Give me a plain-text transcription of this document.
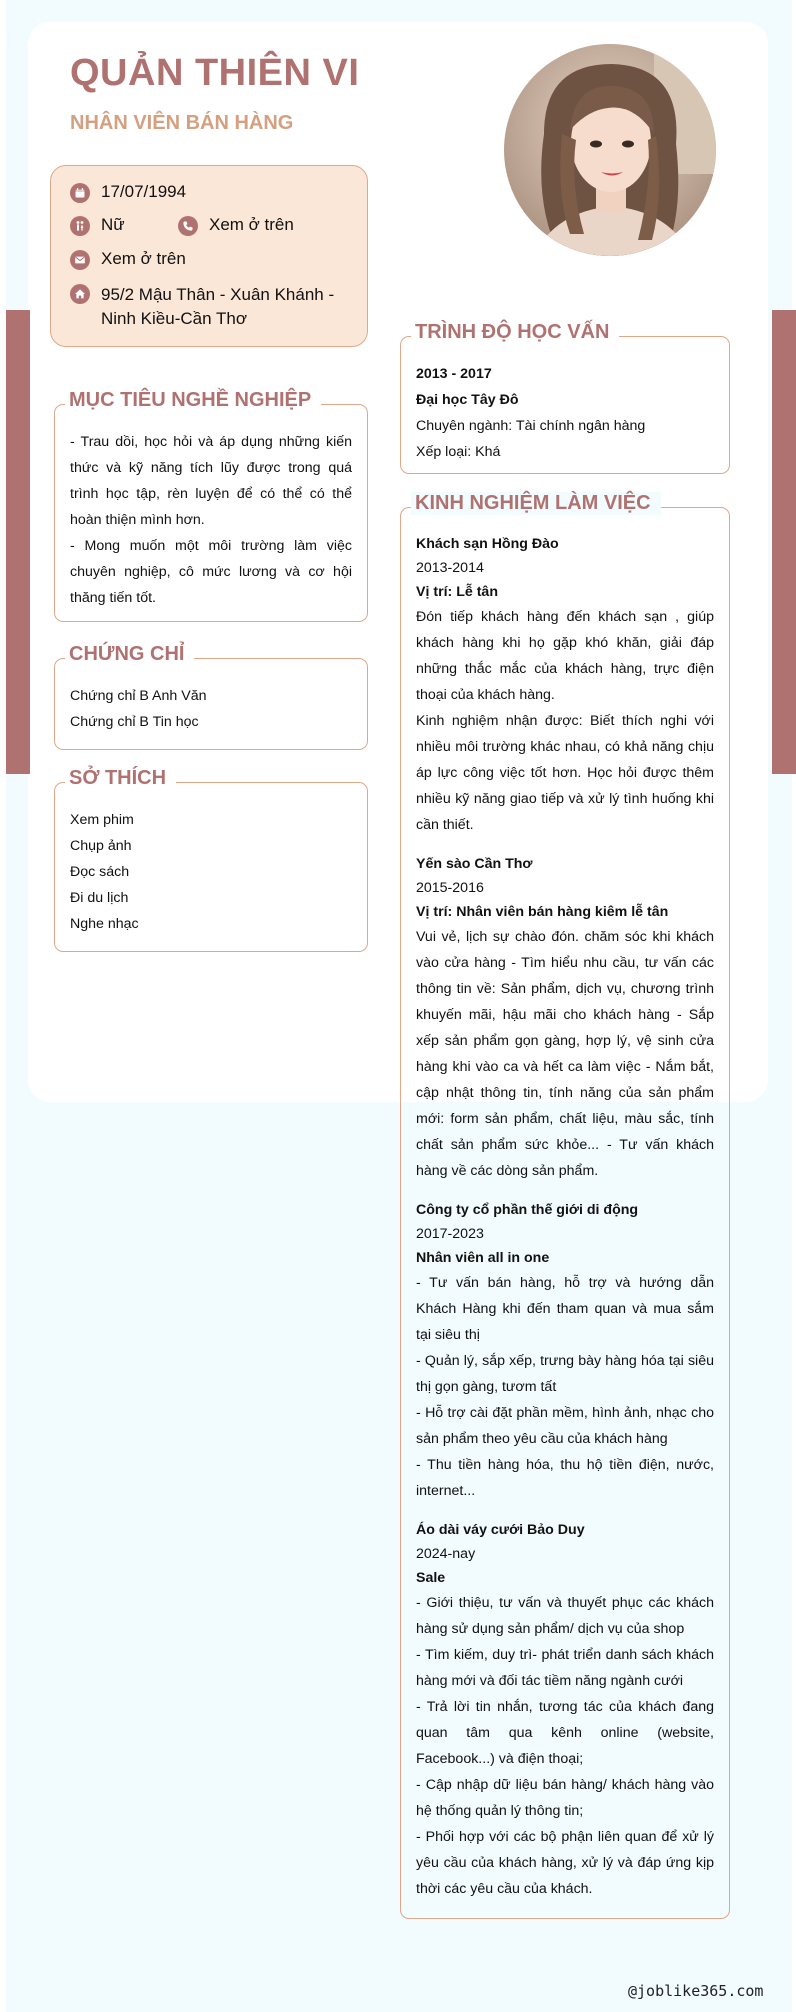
QUẢN THIÊN VI
NHÂN VIÊN BÁN HÀNG
17/07/1994
Nữ	Xem ở trên
Xem ở trên
95/2 Mậu Thân - Xuân Khánh - Ninh Kiều-Cần Thơ
MỤC TIÊU NGHỀ NGHIỆP

- Trau dồi, học hỏi và áp dụng những kiến thức và kỹ năng tích lũy được trong quá trình học tập, rèn luyện để có thể có thể hoàn thiện mình hơn.

- Mong muốn một môi trường làm việc chuyên nghiệp, cô mức lương và cơ hội thăng tiến tốt.

CHỨNG CHỈ

Chứng chỉ B Anh Văn

Chứng chỉ B Tin học

SỞ THÍCH

Xem phim

Chụp ảnh

Đọc sách

Đi du lịch

Nghe nhạc

TRÌNH ĐỘ HỌC VẤN

2013 - 2017

Đại học Tây Đô

Chuyên ngành: Tài chính ngân hàng

Xếp loại: Khá

KINH NGHIỆM LÀM VIỆC

Khách sạn Hồng Đào

2013-2014

Vị trí: Lễ tân

Đón tiếp khách hàng đến khách sạn , giúp khách hàng khi họ gặp khó khăn, giải đáp những thắc mắc của khách hàng, trực điện thoại của khách hàng.

Kinh nghiệm nhận được: Biết thích nghi với nhiều môi trường khác nhau, có khả năng chịu áp lực công việc tốt hơn. Học hỏi được thêm nhiều kỹ năng giao tiếp và xử lý tình huống khi cần thiết.

Yến sào Cần Thơ

2015-2016

Vị trí: Nhân viên bán hàng kiêm lễ tân

Vui vẻ, lịch sự chào đón. chăm sóc khi khách vào cửa hàng - Tìm hiểu nhu cầu, tư vấn các thông tin về: Sản phẩm, dịch vụ, chương trình khuyến mãi, hậu mãi cho khách hàng - Sắp xếp sản phẩm gọn gàng, hợp lý, vệ sinh cửa hàng khi vào ca và hết ca làm việc - Nắm bắt, cập nhật thông tin, tính năng của sản phẩm mới: form sản phẩm, chất liệu, màu sắc, tính chất sản phẩm sức khỏe... - Tư vấn khách hàng về các dòng sản phẩm.

Công ty cổ phần thế giới di động

2017-2023

Nhân viên all in one

- Tư vấn bán hàng, hỗ trợ và hướng dẫn Khách Hàng khi đến tham quan và mua sắm tại siêu thị

- Quản lý, sắp xếp, trưng bày hàng hóa tại siêu thị gọn gàng, tươm tất

- Hỗ trợ cài đặt phần mềm, hình ảnh, nhạc cho sản phẩm theo yêu cầu của khách hàng

- Thu tiền hàng hóa, thu hộ tiền điện, nước, internet...

Áo dài váy cưới Bảo Duy

2024-nay

Sale

- Giới thiệu, tư vấn và thuyết phục các khách hàng sử dụng sản phẩm/ dịch vụ của shop

- Tìm kiếm, duy trì- phát triển danh sách khách hàng mới và đối tác tiềm năng ngành cưới

- Trả lời tin nhắn, tương tác của khách đang quan tâm qua kênh online (website, Facebook...) và điện thoại;

- Cập nhập dữ liệu bán hàng/ khách hàng vào hệ thống quản lý thông tin;

- Phối hợp với các bộ phận liên quan để xử lý yêu cầu của khách hàng, xử lý và đáp ứng kịp thời các yêu cầu của khách.

@joblike365.com
